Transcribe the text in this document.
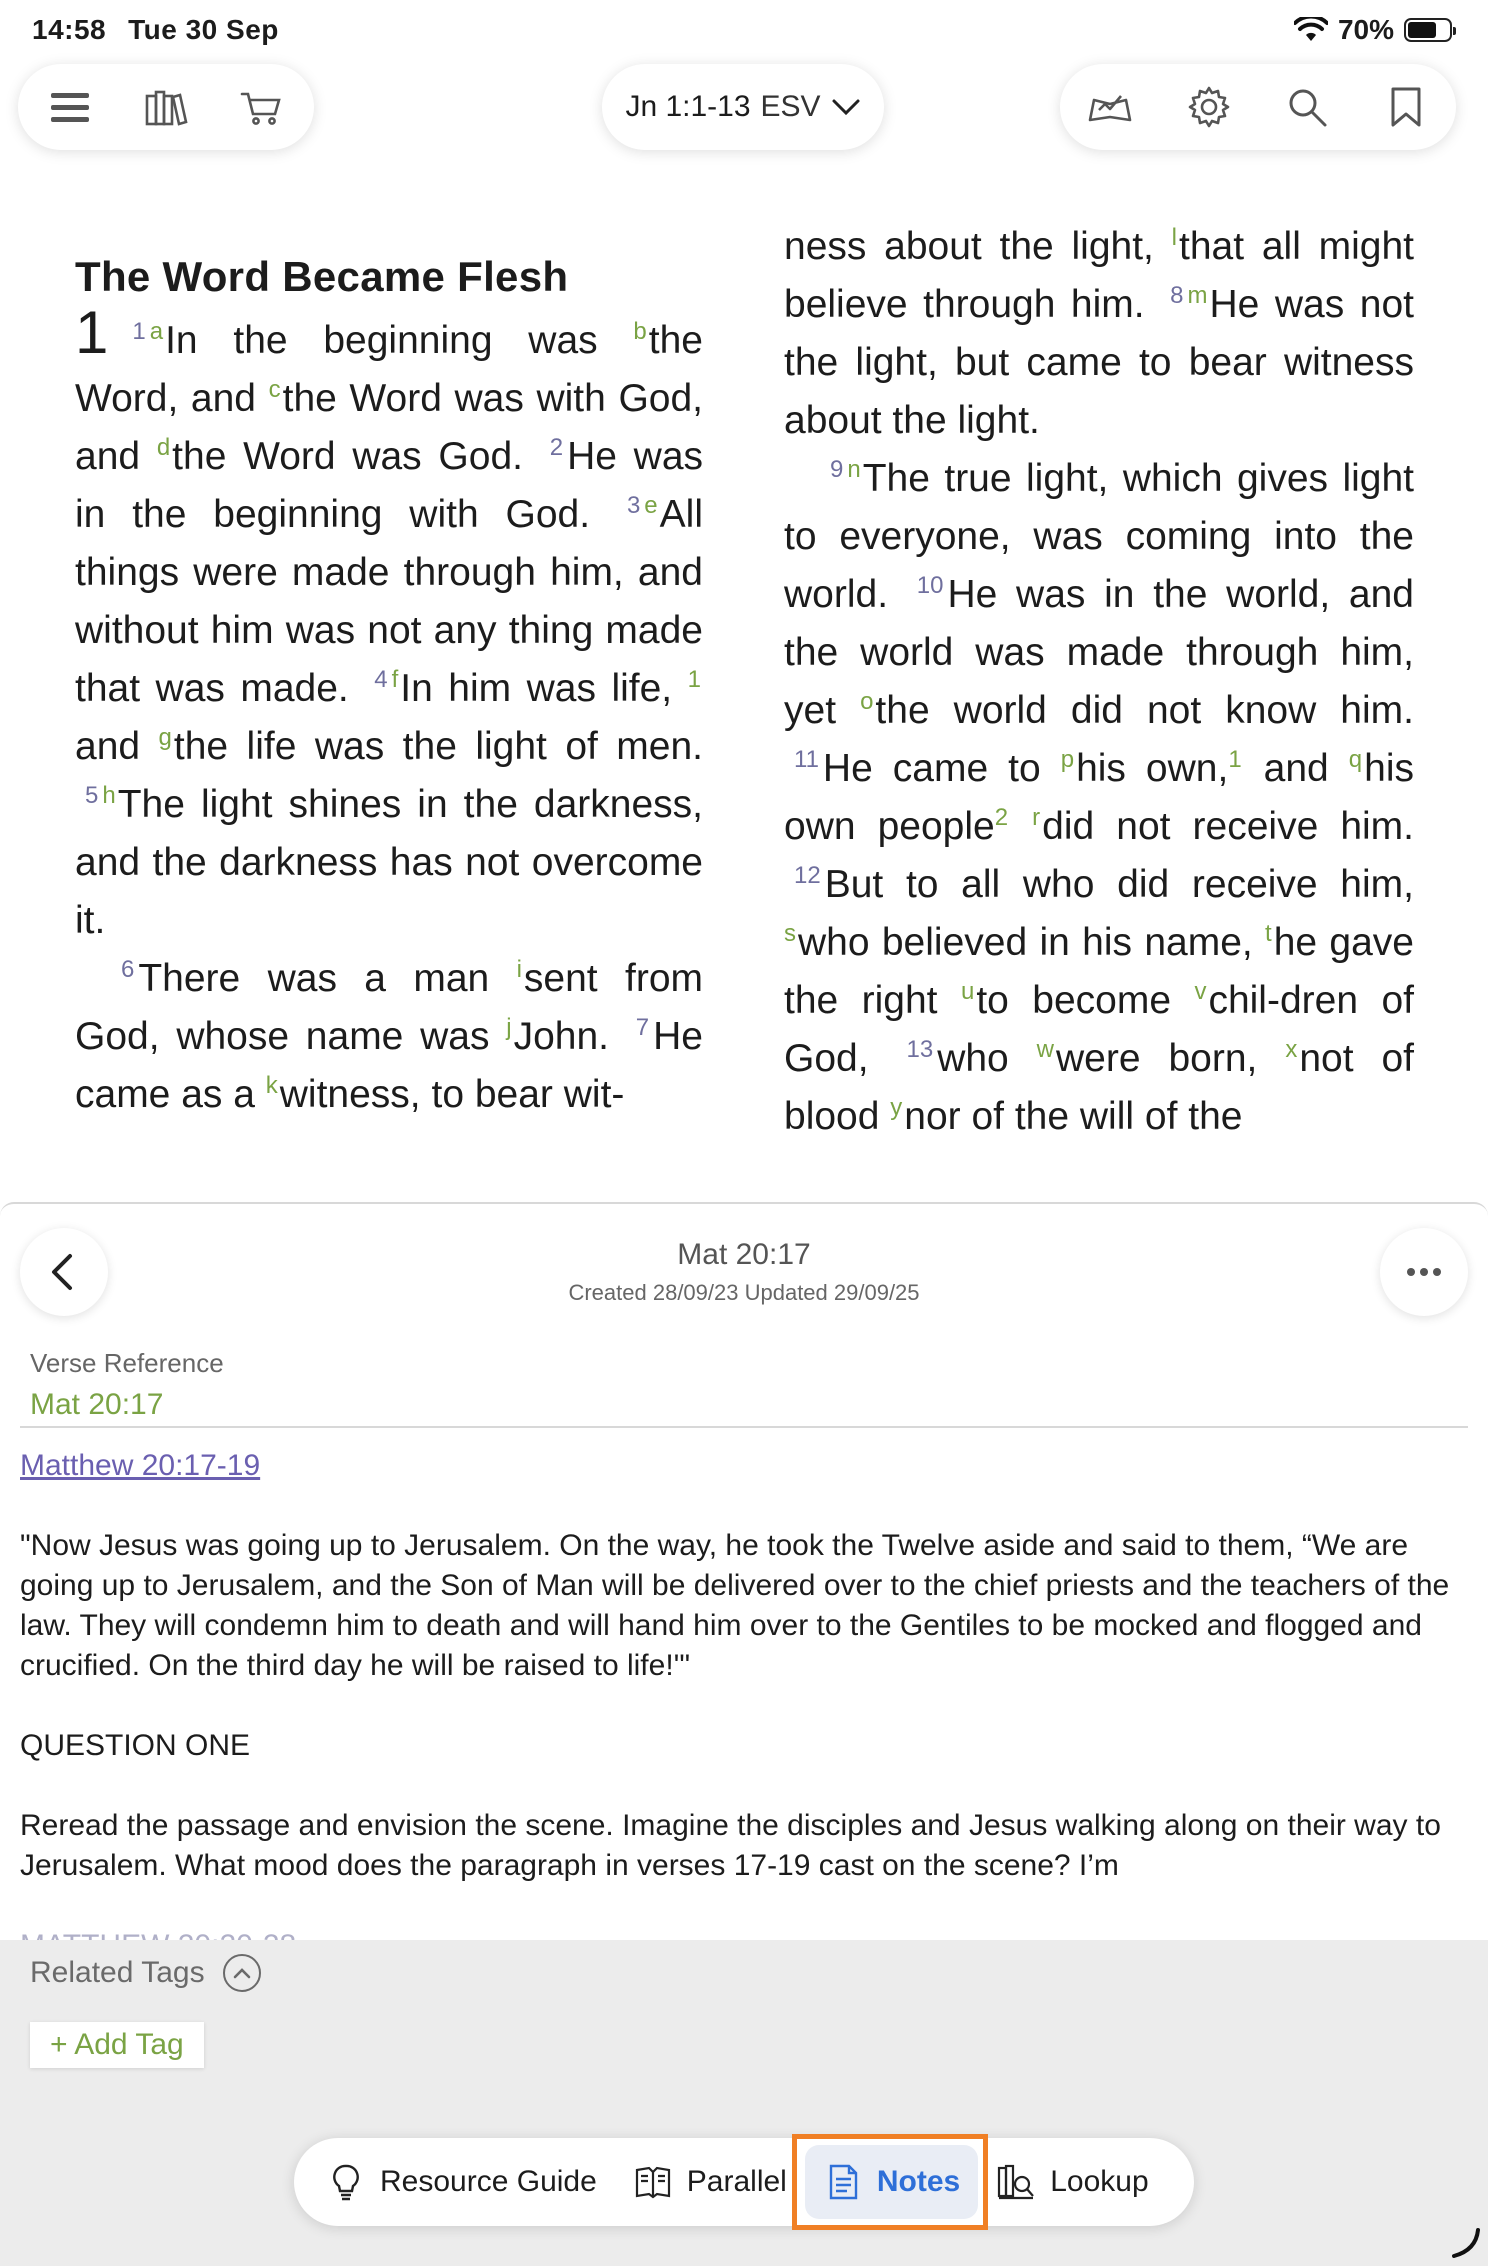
14:58 Tue 30 Sep	70%
Jn 1:1-13 ESV
The Word Became Flesh
1 $^1$ $^a$In the beginning was $^b$the Word, and $^c$the Word was with God, and $^d$the Word was God. $^2$ He was in the beginning with God. $^3$ $^e$All things were made through him, and without him was not any thing made that was made. $^4$ $^f$In him was life, $^1$ and $^g$the life was the light of men. $^5$ $^h$The light shines in the darkness, and the darkness has not overcome it.
$^6$ There was a man $^i$sent from God, whose name was $^j$John. $^7$ He came as a $^k$witness, to bear wit-
ness about the light, $^l$that all might believe through him. $^8$ $^m$He was not the light, but came to bear witness about the light.
$^9$ $^n$The true light, which gives light to everyone, was coming into the world. $^{10}$ He was in the world, and the world was made through him, yet $^o$the world did not know him. $^{11}$ He came to $^p$his own,$^1$ and $^q$his own people$^2$ $^r$did not receive him. $^{12}$ But to all who did receive him, $^s$who believed in his name, $^t$he gave the right $^u$to become $^v$chil-dren of God, $^{13}$ who $^w$were born, $^x$not of blood $^y$nor of the will of the
Mat 20:17
Created 28/09/23 Updated 29/09/25
Verse Reference
Mat 20:17
Matthew 20:17-19

"Now Jesus was going up to Jerusalem. On the way, he took the Twelve aside and said to them, “We are going up to Jerusalem, and the Son of Man will be delivered over to the chief priests and the teachers of the law. They will condemn him to death and will hand him over to the Gentiles to be mocked and flogged and crucified. On the third day he will be raised to life!'"

QUESTION ONE

Reread the passage and envision the scene. Imagine the disciples and Jesus walking along on their way to Jerusalem. What mood does the paragraph in verses 17-19 cast on the scene? I’m

Related Tags
+ Add Tag
Resource Guide	Parallel	Notes	Lookup
